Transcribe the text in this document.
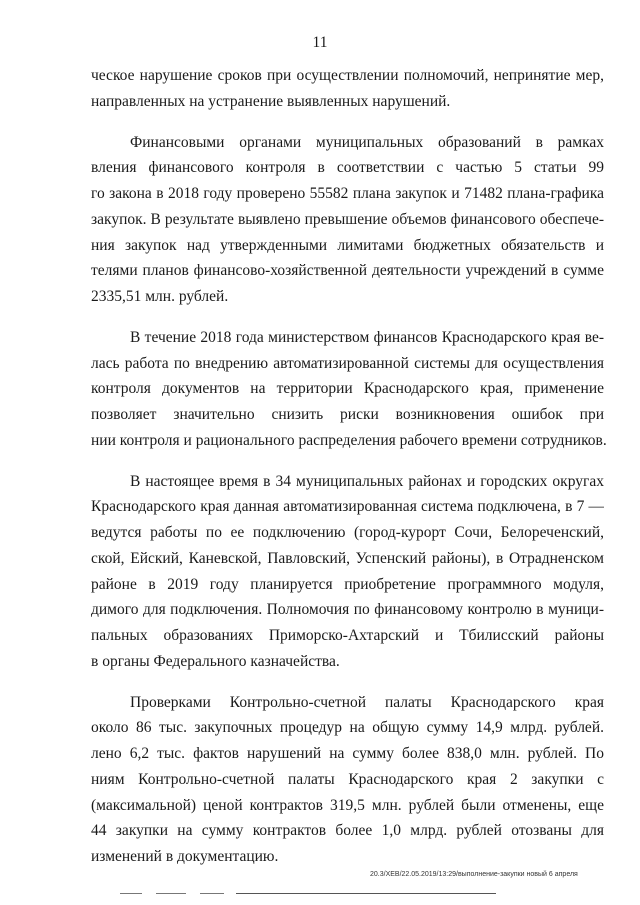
11
ческое нарушение сроков при осуществлении полномочий, непринятие мер,
направленных на устранение выявленных нарушений.
Финансовыми органами муниципальных образований в рамках
вления финансового контроля в соответствии с частью 5 статьи 99
го закона в 2018 году проверено 55582 плана закупок и 71482 плана-графика
закупок. В результате выявлено превышение объемов финансового обеспече-
ния закупок над утвержденными лимитами бюджетных обязательств и
телями планов финансово-хозяйственной деятельности учреждений в сумме
2335,51 млн. рублей.
В течение 2018 года министерством финансов Краснодарского края ве-
лась работа по внедрению автоматизированной системы для осуществления
контроля документов на территории Краснодарского края, применение
позволяет значительно снизить риски возникновения ошибок при
нии контроля и рационального распределения рабочего времени сотрудников.
В настоящее время в 34 муниципальных районах и городских округах
Краснодарского края данная автоматизированная система подключена, в 7 —
ведутся работы по ее подключению (город-курорт Сочи, Белореченский,
ской, Ейский, Каневской, Павловский, Успенский районы), в Отрадненском
районе в 2019 году планируется приобретение программного модуля,
димого для подключения. Полномочия по финансовому контролю в муници-
пальных образованиях Приморско-Ахтарский и Тбилисский районы
в органы Федерального казначейства.
Проверками Контрольно-счетной палаты Краснодарского края
около 86 тыс. закупочных процедур на общую сумму 14,9 млрд. рублей.
лено 6,2 тыс. фактов нарушений на сумму более 838,0 млн. рублей. По
ниям Контрольно-счетной палаты Краснодарского края 2 закупки с
(максимальной) ценой контрактов 319,5 млн. рублей были отменены, еще
44 закупки на сумму контрактов более 1,0 млрд. рублей отозваны для
изменений в документацию.
20.3/XEB/22.05.2019/13:29/выполнение-закупки новый 6 апреля
